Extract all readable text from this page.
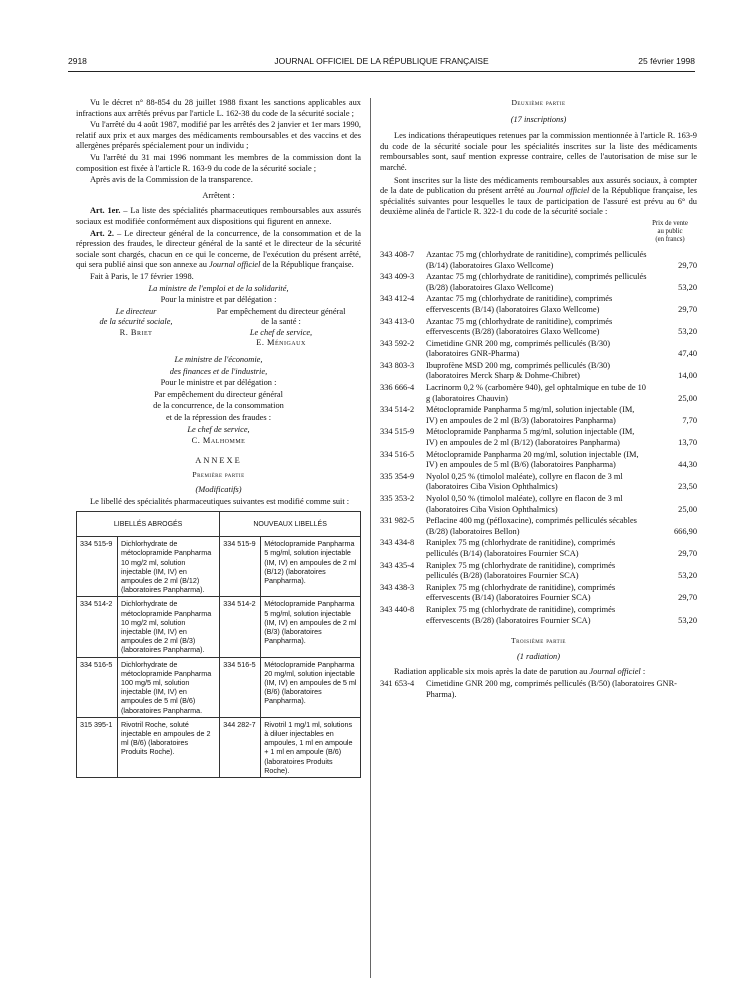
2918	JOURNAL OFFICIEL DE LA RÉPUBLIQUE FRANÇAISE	25 février 1998

Vu le décret n° 88-854 du 28 juillet 1988 fixant les sanctions applicables aux infractions aux arrêtés prévus par l'article L. 162-38 du code de la sécurité sociale ;

Vu l'arrêté du 4 août 1987, modifié par les arrêtés des 2 janvier et 1er mars 1990, relatif aux prix et aux marges des médicaments remboursables et des vaccins et des allergènes préparés spécialement pour un individu ;

Vu l'arrêté du 31 mai 1996 nommant les membres de la commission dont la composition est fixée à l'article R. 163-9 du code de la sécurité sociale ;

Après avis de la Commission de la transparence.

Arrêtent :

Art. 1er. – La liste des spécialités pharmaceutiques remboursables aux assurés sociaux est modifiée conformément aux dispositions qui figurent en annexe.

Art. 2. – Le directeur général de la concurrence, de la consommation et de la répression des fraudes, le directeur général de la santé et le directeur de la sécurité sociale sont chargés, chacun en ce qui le concerne, de l'exécution du présent arrêté, qui sera publié ainsi que son annexe au Journal officiel de la République française.

Fait à Paris, le 17 février 1998.

La ministre de l'emploi et de la solidarité,

Pour la ministre et par délégation :

Le directeur
de la sécurité sociale,
R. Briet
Par empêchement du directeur général
de la santé :
Le chef de service,
E. Ménigaux

Le ministre de l'économie,

des finances et de l'industrie,

Pour le ministre et par délégation :

Par empêchement du directeur général

de la concurrence, de la consommation

et de la répression des fraudes :

Le chef de service,

C. Malhomme

ANNEXE

Première partie

(Modificatifs)

Le libellé des spécialités pharmaceutiques suivantes est modifié comme suit :

LIBELLÉS ABROGÉS		NOUVEAUX LIBELLÉS	
334 515-9	Dichlorhydrate de métoclopramide Panpharma 10 mg/2 ml, solution injectable (IM, IV) en ampoules de 2 ml (B/12) (laboratoires Panpharma).	334 515-9	Métoclopramide Panpharma 5 mg/ml, solution injectable (IM, IV) en ampoules de 2 ml (B/12) (laboratoires Panpharma).
334 514-2	Dichlorhydrate de métoclopramide Panpharma 10 mg/2 ml, solution injectable (IM, IV) en ampoules de 2 ml (B/3) (laboratoires Panpharma).	334 514-2	Métoclopramide Panpharma 5 mg/ml, solution injectable (IM, IV) en ampoules de 2 ml (B/3) (laboratoires Panpharma).
334 516-5	Dichlorhydrate de métoclopramide Panpharma 100 mg/5 ml, solution injectable (IM, IV) en ampoules de 5 ml (B/6) (laboratoires Panpharma.	334 516-5	Métoclopramide Panpharma 20 mg/ml, solution injectable (IM, IV) en ampoules de 5 ml (B/6) (laboratoires Panpharma).
315 395-1	Rivotril Roche, soluté injectable en ampoules de 2 ml (B/6) (laboratoires Produits Roche).	344 282-7	Rivotril 1 mg/1 ml, solutions à diluer injectables en ampoules, 1 ml en ampoule + 1 ml en ampoule (B/6) (laboratoires Produits Roche).

Deuxième partie

(17 inscriptions)

Les indications thérapeutiques retenues par la commission mentionnée à l'article R. 163-9 du code de la sécurité sociale pour les spécialités inscrites sur la liste des médicaments remboursables sont, sauf mention expresse contraire, celles de l'autorisation de mise sur le marché.

Sont inscrites sur la liste des médicaments remboursables aux assurés sociaux, à compter de la date de publication du présent arrêté au Journal officiel de la République française, les spécialités suivantes pour lesquelles le taux de participation de l'assuré est prévu au 6° du deuxième alinéa de l'article R. 322-1 du code de la sécurité sociale :

Prix de vente
au public
(en francs)
343 408-7	Azantac 75 mg (chlorhydrate de ranitidine), comprimés pelliculés (B/14) (laboratoires Glaxo Wellcome)	29,70
343 409-3	Azantac 75 mg (chlorhydrate de ranitidine), comprimés pelliculés (B/28) (laboratoires Glaxo Wellcome)	53,20
343 412-4	Azantac 75 mg (chlorhydrate de ranitidine), comprimés effervescents (B/14) (laboratoires Glaxo Wellcome)	29,70
343 413-0	Azantac 75 mg (chlorhydrate de ranitidine), comprimés effervescents (B/28) (laboratoires Glaxo Wellcome)	53,20
343 592-2	Cimetidine GNR 200 mg, comprimés pelliculés (B/30) (laboratoires GNR-Pharma)	47,40
343 803-3	Ibuprofène MSD 200 mg, comprimés pelliculés (B/30) (laboratoires Merck Sharp & Dohme-Chibret)	14,00
336 666-4	Lacrinorm 0,2 % (carbomère 940), gel ophtalmique en tube de 10 g (laboratoires Chauvin)	25,00
334 514-2	Métoclopramide Panpharma 5 mg/ml, solution injectable (IM, IV) en ampoules de 2 ml (B/3) (laboratoires Panpharma)	7,70
334 515-9	Métoclopramide Panpharma 5 mg/ml, solution injectable (IM, IV) en ampoules de 2 ml (B/12) (laboratoires Panpharma)	13,70
334 516-5	Métoclopramide Panpharma 20 mg/ml, solution injectable (IM, IV) en ampoules de 5 ml (B/6) (laboratoires Panpharma)	44,30
335 354-9	Nyolol 0,25 % (timolol maléate), collyre en flacon de 3 ml (laboratoires Ciba Vision Ophthalmics)	23,50
335 353-2	Nyolol 0,50 % (timolol maléate), collyre en flacon de 3 ml (laboratoires Ciba Vision Ophthalmics)	25,00
331 982-5	Peflacine 400 mg (péfloxacine), comprimés pelliculés sécables (B/28) (laboratoires Bellon)	666,90
343 434-8	Raniplex 75 mg (chlorhydrate de ranitidine), comprimés pelliculés (B/14) (laboratoires Fournier SCA)	29,70
343 435-4	Raniplex 75 mg (chlorhydrate de ranitidine), comprimés pelliculés (B/28) (laboratoires Fournier SCA)	53,20
343 438-3	Raniplex 75 mg (chlorhydrate de ranitidine), comprimés effervescents (B/14) (laboratoires Fournier SCA)	29,70
343 440-8	Raniplex 75 mg (chlorhydrate de ranitidine), comprimés effervescents (B/28) (laboratoires Fournier SCA)	53,20

Troisième partie

(1 radiation)

Radiation applicable six mois après la date de parution au Journal officiel :

341 653-4	Cimetidine GNR 200 mg, comprimés pelliculés (B/50) (laboratoires GNR-Pharma).
